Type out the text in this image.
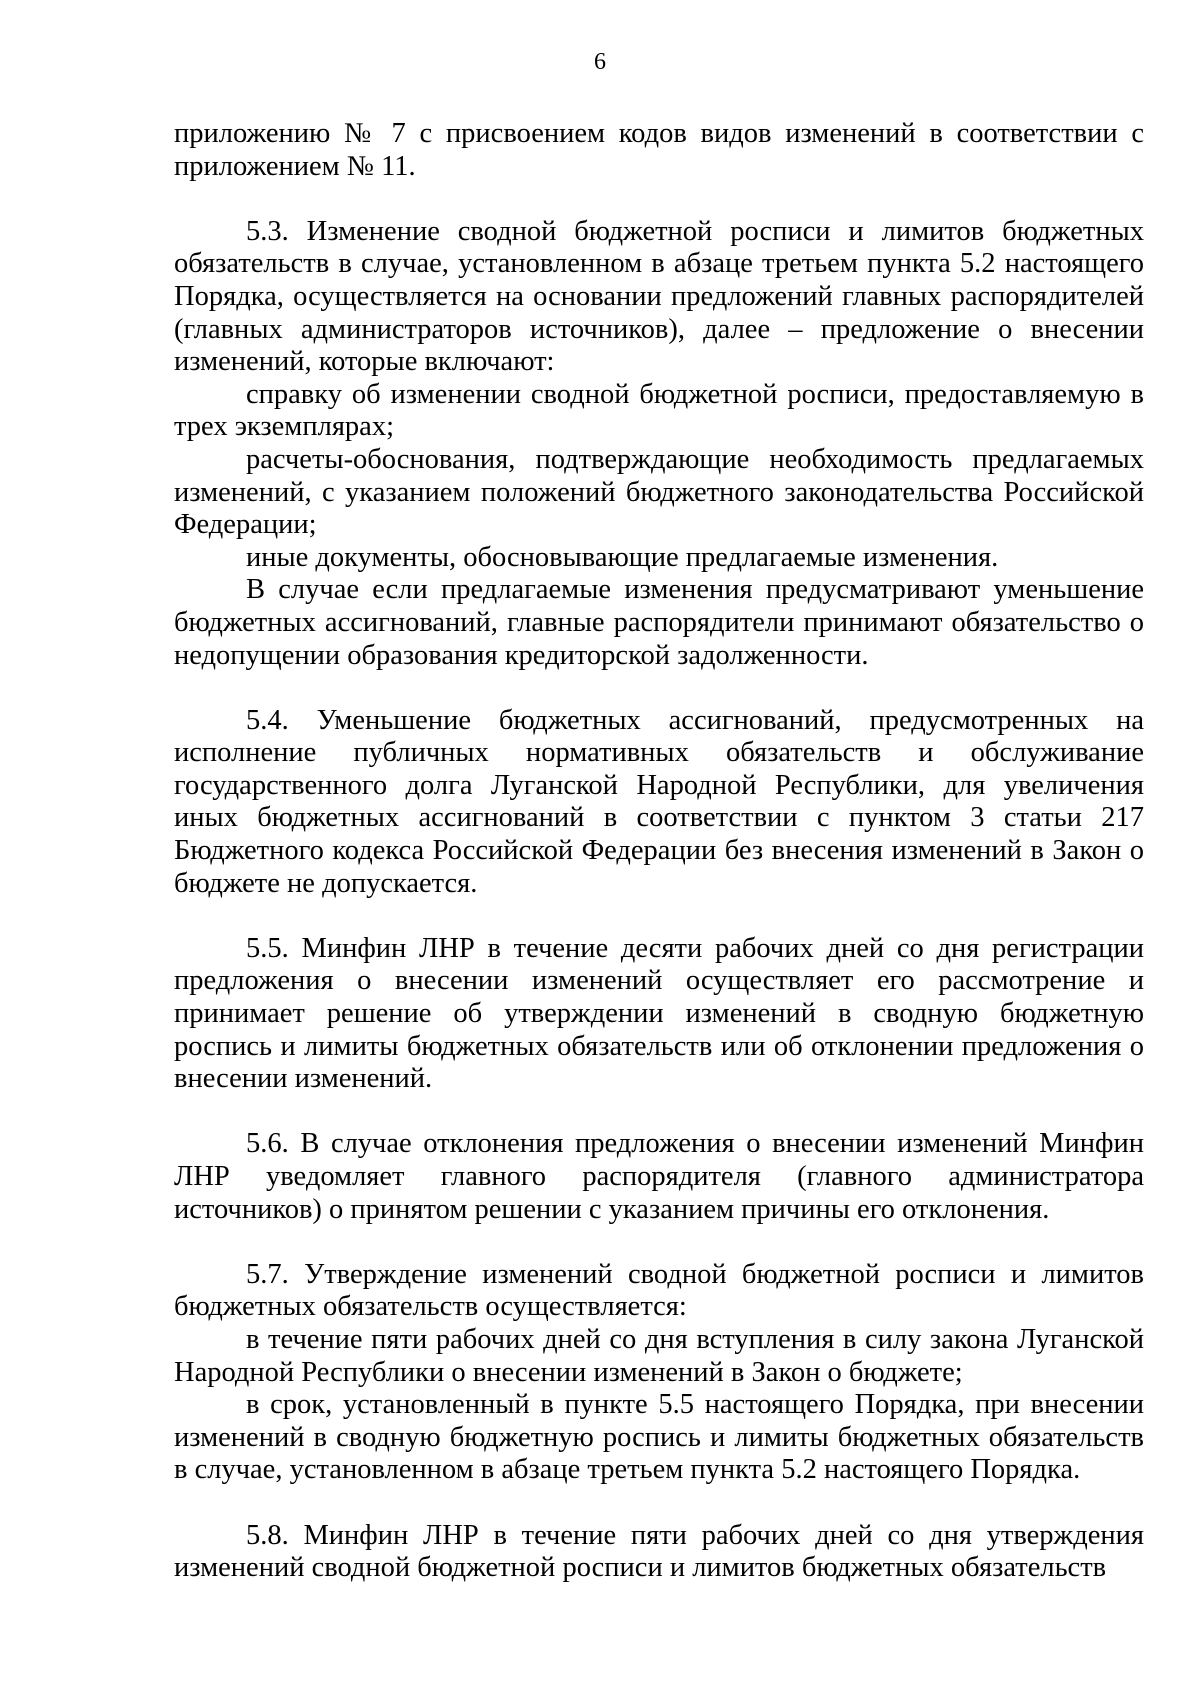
6

приложению № 7 с присвоением кодов видов изменений в соответствии с приложением № 11.

5.3. Изменение сводной бюджетной росписи и лимитов бюджетных обязательств в случае, установленном в абзаце третьем пункта 5.2 настоящего Порядка, осуществляется на основании предложений главных распорядителей (главных администраторов источников), далее – предложение о внесении изменений, которые включают:

справку об изменении сводной бюджетной росписи, предоставляемую в трех экземплярах;

расчеты-обоснования, подтверждающие необходимость предлагаемых изменений, с указанием положений бюджетного законодательства Российской Федерации;

иные документы, обосновывающие предлагаемые изменения.

В случае если предлагаемые изменения предусматривают уменьшение бюджетных ассигнований, главные распорядители принимают обязательство о недопущении образования кредиторской задолженности.

5.4. Уменьшение бюджетных ассигнований, предусмотренных на исполнение публичных нормативных обязательств и обслуживание государственного долга Луганской Народной Республики, для увеличения иных бюджетных ассигнований в соответствии с пунктом 3 статьи 217 Бюджетного кодекса Российской Федерации без внесения изменений в Закон о бюджете не допускается.

5.5. Минфин ЛНР в течение десяти рабочих дней со дня регистрации предложения о внесении изменений осуществляет его рассмотрение и принимает решение об утверждении изменений в сводную бюджетную роспись и лимиты бюджетных обязательств или об отклонении предложения о внесении изменений.

5.6. В случае отклонения предложения о внесении изменений Минфин ЛНР уведомляет главного распорядителя (главного администратора источников) о принятом решении с указанием причины его отклонения.

5.7. Утверждение изменений сводной бюджетной росписи и лимитов бюджетных обязательств осуществляется:

в течение пяти рабочих дней со дня вступления в силу закона Луганской Народной Республики о внесении изменений в Закон о бюджете;

в срок, установленный в пункте 5.5 настоящего Порядка, при внесении изменений в сводную бюджетную роспись и лимиты бюджетных обязательств в случае, установленном в абзаце третьем пункта 5.2 настоящего Порядка.

5.8. Минфин ЛНР в течение пяти рабочих дней со дня утверждения изменений сводной бюджетной росписи и лимитов бюджетных обязательств
